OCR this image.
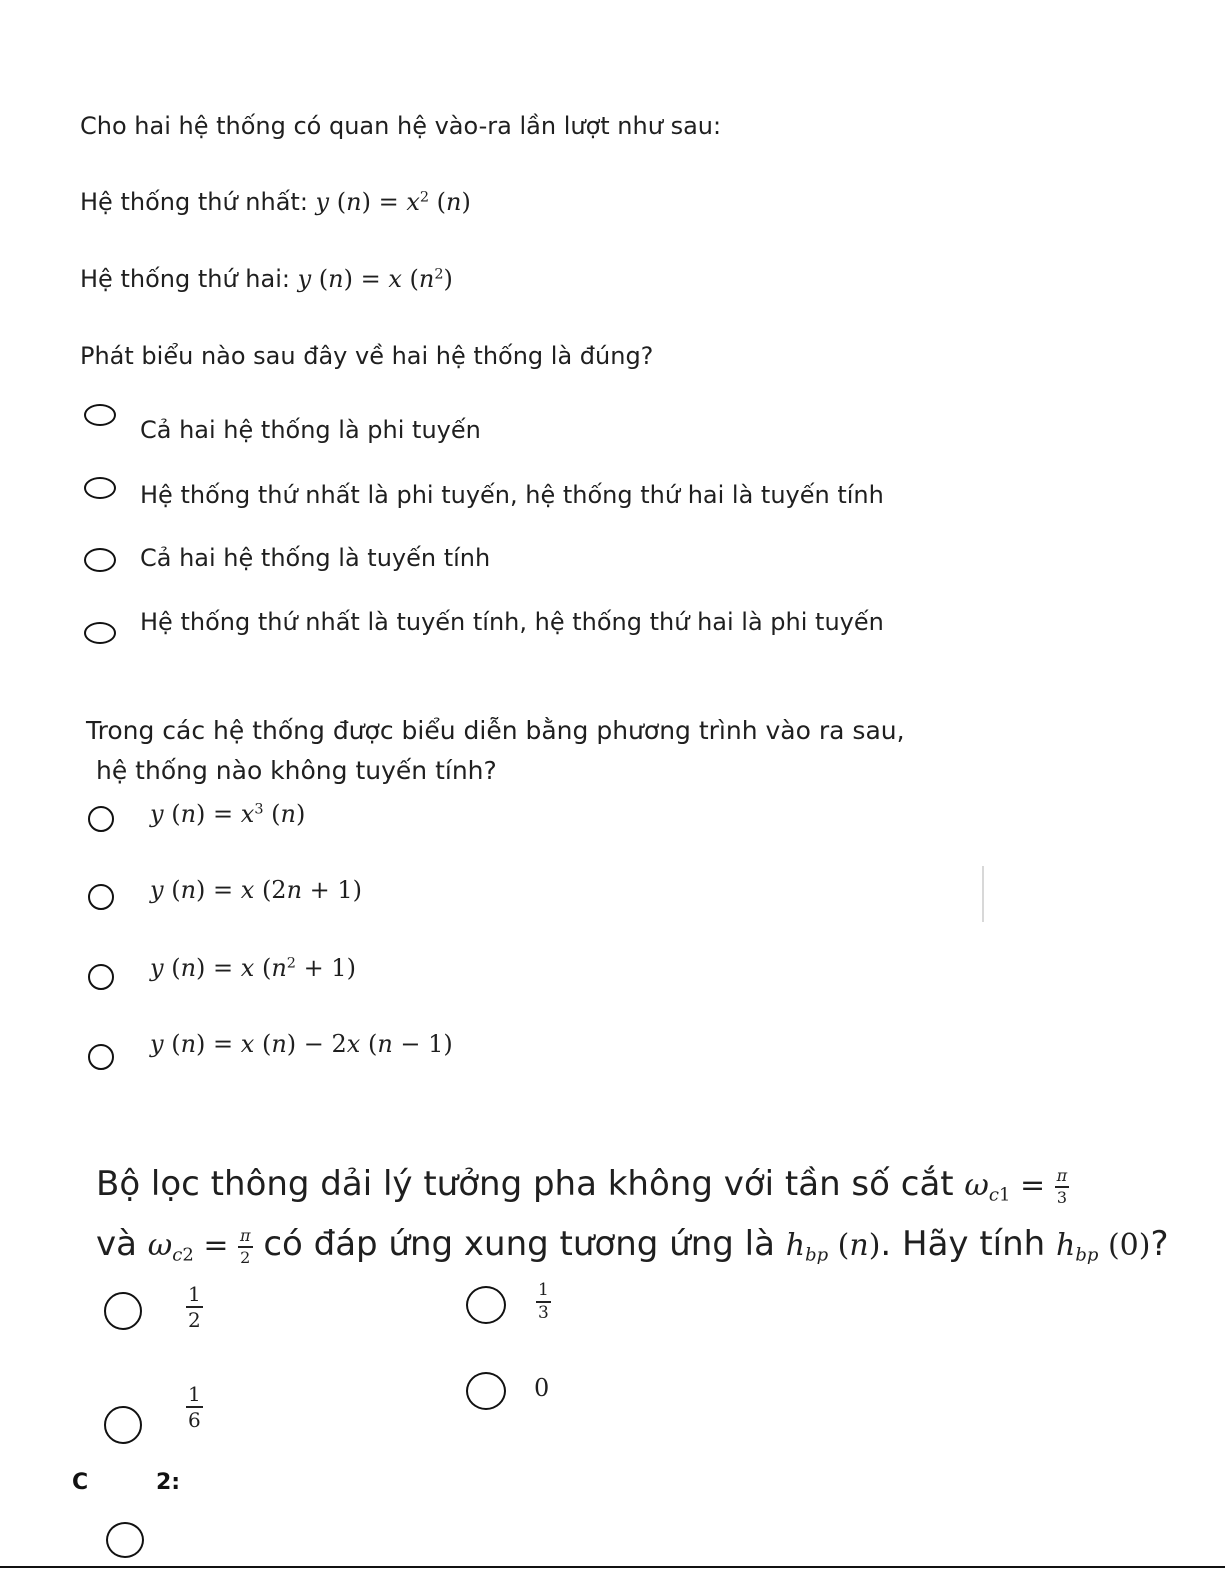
Cho hai hệ thống có quan hệ vào-ra lần lượt như sau:
Hệ thống thứ nhất: y $(n) = x^2$ (n)
Hệ thống thứ hai: y (n) = x $(n^2)$
Phát biểu nào sau đây về hai hệ thống là đúng?
Cả hai hệ thống là phi tuyến
Hệ thống thứ nhất là phi tuyến, hệ thống thứ hai là tuyến tính
Cả hai hệ thống là tuyến tính
Hệ thống thứ nhất là tuyến tính, hệ thống thứ hai là phi tuyến
Trong các hệ thống được biểu diễn bằng phương trình vào ra sau,
hệ thống nào không tuyến tính?
y $(n) = x^3$ (n)
y (n) = x (2n + 1)
y (n) = x $(n^2 + 1)$
y (n) = x (n) − 2x (n − 1)
Bộ lọc thông dải lý tưởng pha không với tần số cắt $\omega_{c1} = \frac{\pi}{3}$
và $\omega_{c2} = \frac{\pi}{2}$ có đáp ứng xung tương ứng là $h_{bp}$ (n). Hãy tính $h_{bp}$ (0)?
$\frac{1}{2}$	$\frac{1}{3}$
$\frac{1}{6}$	0
C	2:
